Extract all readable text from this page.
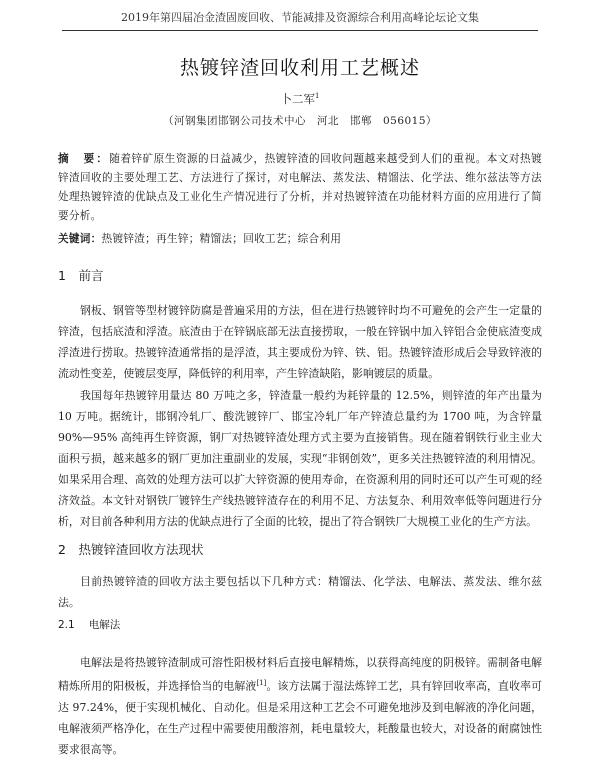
2019年第四届冶金渣固废回收、节能减排及资源综合利用高峰论坛论文集
热镀锌渣回收利用工艺概述
卜二军$^1$
（河钢集团邯钢公司技术中心　河北　邯郸　056015）
摘　要：随着锌矿原生资源的日益减少，热镀锌渣的回收问题越来越受到人们的重视。本文对热镀锌渣回收的主要处理工艺、方法进行了探讨，对电解法、蒸发法、精馏法、化学法、维尔兹法等方法处理热镀锌渣的优缺点及工业化生产情况进行了分析，并对热镀锌渣在功能材料方面的应用进行了简要分析。
关键词：热镀锌渣；再生锌；精馏法；回收工艺；综合利用
1　前言
钢板、钢管等型材镀锌防腐是普遍采用的方法，但在进行热镀锌时均不可避免的会产生一定量的锌渣，包括底渣和浮渣。底渣由于在锌锅底部无法直接捞取，一般在锌锅中加入锌铝合金使底渣变成浮渣进行捞取。热镀锌渣通常指的是浮渣，其主要成份为锌、铁、铝。热镀锌渣形成后会导致锌液的流动性变差，使镀层变厚，降低锌的利用率，产生锌渣缺陷，影响镀层的质量。
我国每年热镀锌用量达 80 万吨之多，锌渣量一般约为耗锌量的 12.5%，则锌渣的年产出量为 10 万吨。据统计，邯钢冷轧厂、酸洗镀锌厂、邯宝冷轧厂年产锌渣总量约为 1700 吨，为含锌量 90%—95% 高纯再生锌资源，钢厂对热镀锌渣处理方式主要为直接销售。现在随着钢铁行业主业大面积亏损，越来越多的钢厂更加注重副业的发展，实现“非钢创效”，更多关注热镀锌渣的利用情况。如果采用合理、高效的处理方法可以扩大锌资源的使用寿命，在资源利用的同时还可以产生可观的经济效益。本文针对钢铁厂镀锌生产线热镀锌渣存在的利用不足、方法复杂、利用效率低等问题进行分析，对目前各种利用方法的优缺点进行了全面的比较，提出了符合钢铁厂大规模工业化的生产方法。
2　热镀锌渣回收方法现状
目前热镀锌渣的回收方法主要包括以下几种方式：精馏法、化学法、电解法、蒸发法、维尔兹法。
2.1 电解法
电解法是将热镀锌渣制成可溶性阳极材料后直接电解精炼，以获得高纯度的阴极锌。需制备电解精炼所用的阳极板，并选择恰当的电解液[1]。该方法属于湿法炼锌工艺，具有锌回收率高，直收率可达 97.24%，便于实现机械化、自动化。但是采用这种工艺会不可避免地涉及到电解液的净化问题，电解液须严格净化，在生产过程中需要使用酸溶剂，耗电量较大，耗酸量也较大，对设备的耐腐蚀性要求很高等。
